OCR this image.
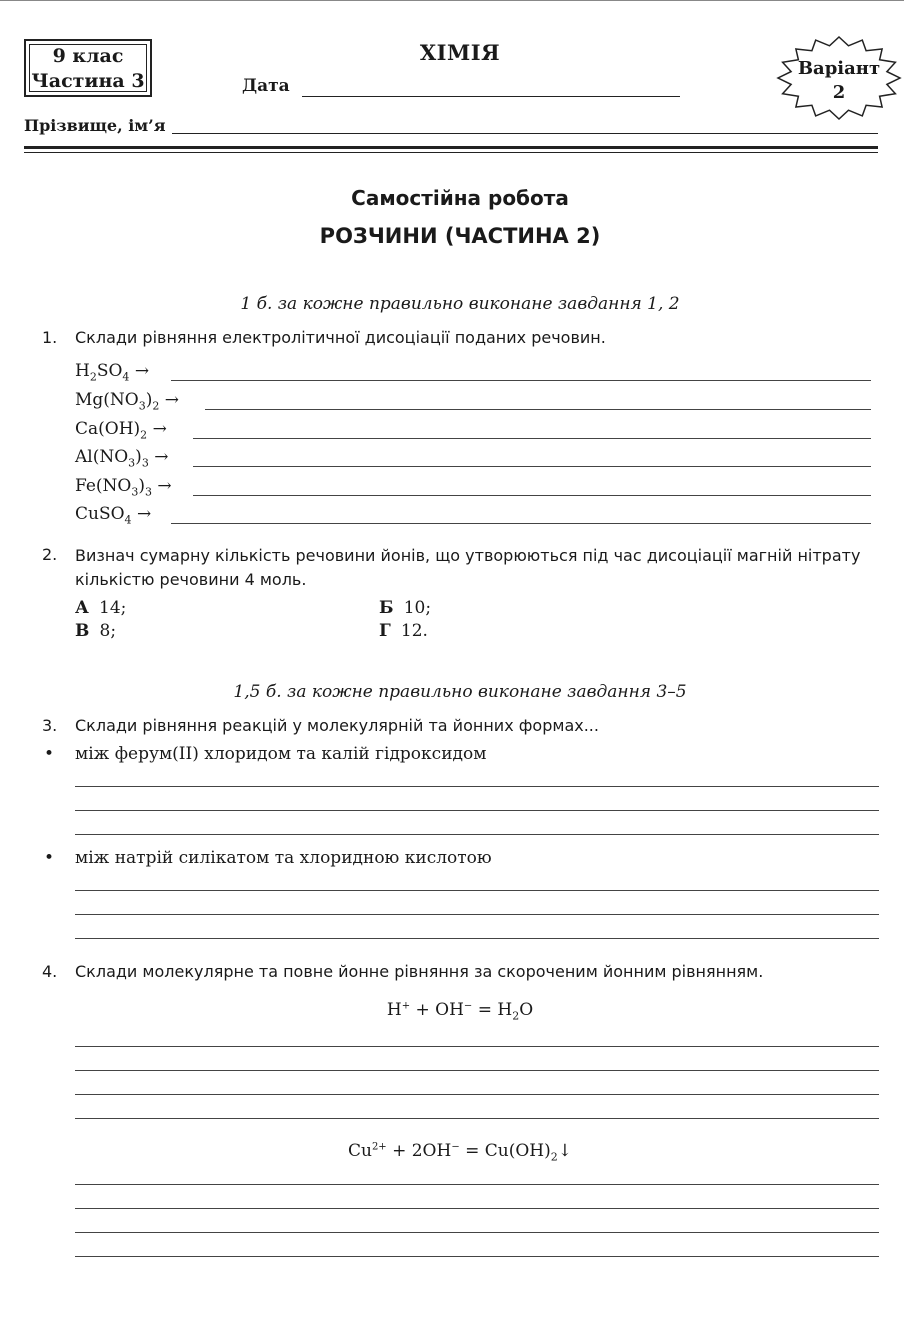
9 клас
Частина 3
ХІМІЯ
Дата
Прізвище, ім’я
Варіант
2
Самостійна робота
РОЗЧИНИ (ЧАСТИНА 2)
1 б. за кожне правильно виконане завдання 1, 2
1. Склади рівняння електролітичної дисоціації поданих речовин.
$H_2SO_4$ →
$Mg(NO_3)_2$ →
$Ca(OH)_2$ →
$Al(NO_3)_3$ →
$Fe(NO_3)_3$ →
CuSO$_4$ →
2. Визнач сумарну кількість речовини йонів, що утворюються під час дисоціації магній нітрату кількістю речовини 4 моль.
А 14;	Б 10;
В 8;	Г 12.
1,5 б. за кожне правильно виконане завдання 3–5
3. Склади рівняння реакцій у молекулярній та йонних формах...
• між ферум(II) хлоридом та калій гідроксидом
• між натрій силікатом та хлоридною кислотою
4. Склади молекулярне та повне йонне рівняння за скороченим йонним рівнянням.
$H^+ + OH^- = H_2O$
$Cu^{2+} + 2OH^-$ = $Cu(OH)_2↓$
